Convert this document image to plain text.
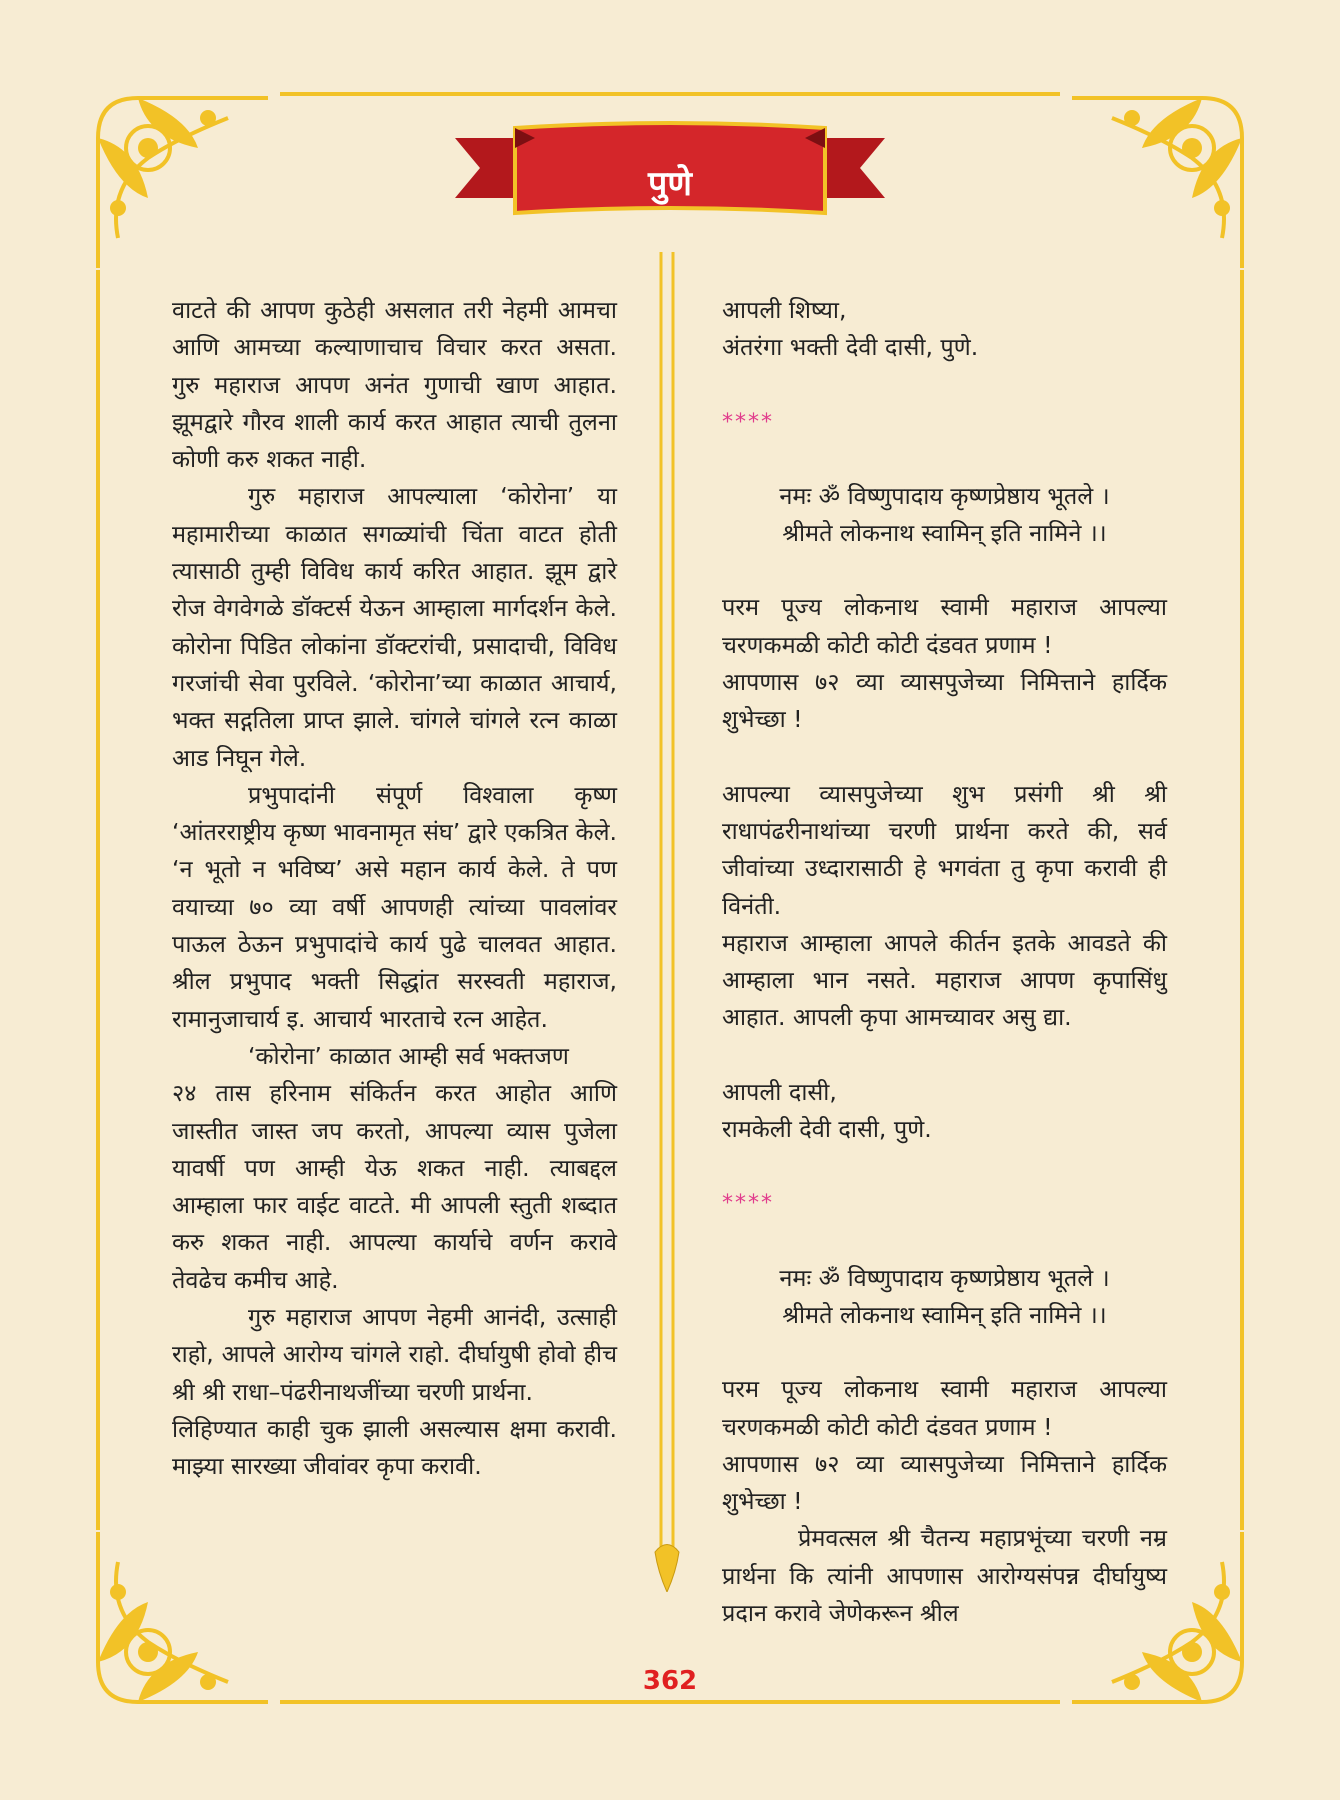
पुणे

वाटते की आपण कुठेही असलात तरी नेहमी आमचा आणि आमच्या कल्याणाचाच विचार करत असता. गुरु महाराज आपण अनंत गुणाची खाण आहात. झूमद्वारे गौरव शाली कार्य करत आहात त्याची तुलना कोणी करु शकत नाही.

गुरु महाराज आपल्याला ‘कोरोना’ या महामारीच्या काळात सगळ्यांची चिंता वाटत होती त्यासाठी तुम्ही विविध कार्य करित आहात. झूम द्वारे रोज वेगवेगळे डॉक्टर्स येऊन आम्हाला मार्गदर्शन केले. कोरोना पिडित लोकांना डॉक्टरांची, प्रसादाची, विविध गरजांची सेवा पुरविले. ‘कोरोना’च्या काळात आचार्य, भक्त सद्गतिला प्राप्त झाले. चांगले चांगले रत्न काळा आड निघून गेले.

प्रभुपादांनी संपूर्ण विश्वाला कृष्ण ‘आंतरराष्ट्रीय कृष्ण भावनामृत संघ’ द्वारे एकत्रित केले. ‘न भूतो न भविष्य’ असे महान कार्य केले. ते पण वयाच्या ७० व्या वर्षी आपणही त्यांच्या पावलांवर पाऊल ठेऊन प्रभुपादांचे कार्य पुढे चालवत आहात. श्रील प्रभुपाद भक्ती सिद्धांत सरस्वती महाराज, रामानुजाचार्य इ. आचार्य भारताचे रत्न आहेत.

‘कोरोना’ काळात आम्ही सर्व भक्तजण

२४ तास हरिनाम संकिर्तन करत आहोत आणि जास्तीत जास्त जप करतो, आपल्या व्यास पुजेला यावर्षी पण आम्ही येऊ शकत नाही. त्याबद्दल आम्हाला फार वाईट वाटते. मी आपली स्तुती शब्दात करु शकत नाही. आपल्या कार्याचे वर्णन करावे तेवढेच कमीच आहे.

गुरु महाराज आपण नेहमी आनंदी, उत्साही राहो, आपले आरोग्य चांगले राहो. दीर्घायुषी होवो हीच श्री श्री राधा–पंढरीनाथजींच्या चरणी प्रार्थना.

लिहिण्यात काही चुक झाली असल्यास क्षमा करावी. माझ्या सारख्या जीवांवर कृपा करावी.

आपली शिष्या,

अंतरंगा भक्ती देवी दासी, पुणे.

****

नमः ॐ विष्णुपादाय कृष्णप्रेष्ठाय भूतले ।

श्रीमते लोकनाथ स्वामिन् इति नामिने ।।

परम पूज्य लोकनाथ स्वामी महाराज आपल्या चरणकमळी कोटी कोटी दंडवत प्रणाम !

आपणास ७२ व्या व्यासपुजेच्या निमित्ताने हार्दिक शुभेच्छा !

आपल्या व्यासपुजेच्या शुभ प्रसंगी श्री श्री राधापंढरीनाथांच्या चरणी प्रार्थना करते की, सर्व जीवांच्या उध्दारासाठी हे भगवंता तु कृपा करावी ही विनंती.

महाराज आम्हाला आपले कीर्तन इतके आवडते की आम्हाला भान नसते. महाराज आपण कृपासिंधु आहात. आपली कृपा आमच्यावर असु द्या.

आपली दासी,

रामकेली देवी दासी, पुणे.

****

नमः ॐ विष्णुपादाय कृष्णप्रेष्ठाय भूतले ।

श्रीमते लोकनाथ स्वामिन् इति नामिने ।।

परम पूज्य लोकनाथ स्वामी महाराज आपल्या चरणकमळी कोटी कोटी दंडवत प्रणाम !

आपणास ७२ व्या व्यासपुजेच्या निमित्ताने हार्दिक शुभेच्छा !

प्रेमवत्सल श्री चैतन्य महाप्रभूंच्या चरणी नम्र प्रार्थना कि त्यांनी आपणास आरोग्यसंपन्न दीर्घायुष्य प्रदान करावे जेणेकरून श्रील

362
